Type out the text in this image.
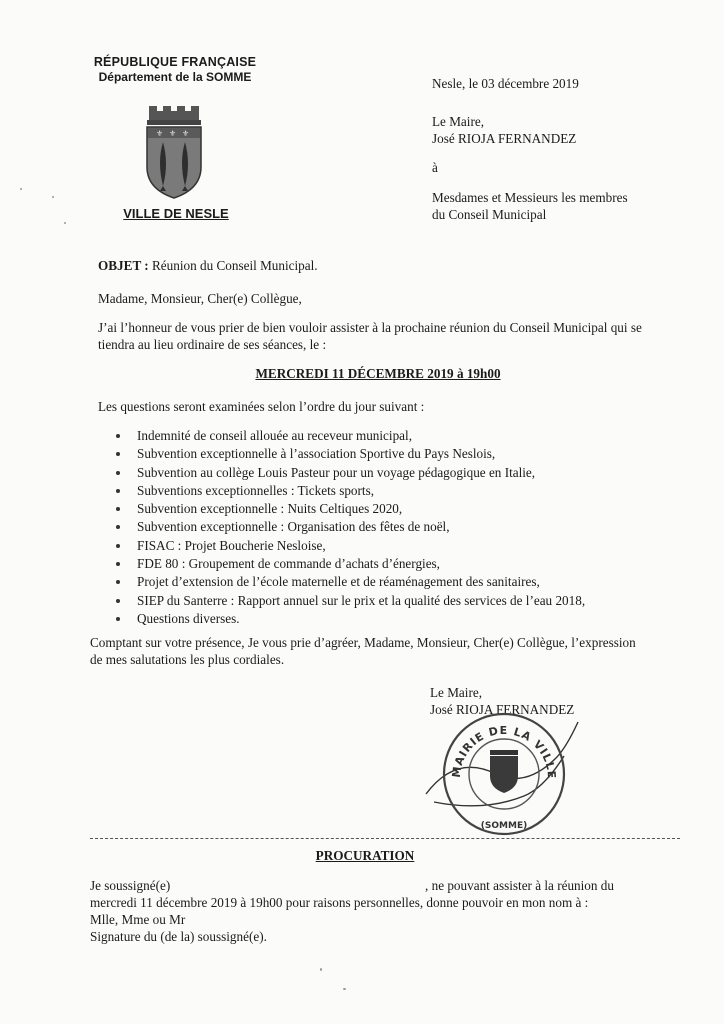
RÉPUBLIQUE FRANÇAISE
Département de la SOMME
⚜ ⚜ ⚜
VILLE DE NESLE
Nesle, le 03 décembre 2019
Le Maire,
José RIOJA FERNANDEZ
à
Mesdames et Messieurs les membres
du Conseil Municipal
OBJET : Réunion du Conseil Municipal.
Madame, Monsieur, Cher(e) Collègue,
J’ai l’honneur de vous prier de bien vouloir assister à la prochaine réunion du Conseil Municipal qui se
tiendra au lieu ordinaire de ses séances, le :
MERCREDI 11 DÉCEMBRE 2019 à 19h00
Les questions seront examinées selon l’ordre du jour suivant :
Indemnité de conseil allouée au receveur municipal,
Subvention exceptionnelle à l’association Sportive du Pays Neslois,
Subvention au collège Louis Pasteur pour un voyage pédagogique en Italie,
Subventions exceptionnelles : Tickets sports,
Subvention exceptionnelle : Nuits Celtiques 2020,
Subvention exceptionnelle : Organisation des fêtes de noël,
FISAC : Projet Boucherie Nesloise,
FDE 80 : Groupement de commande d’achats d’énergies,
Projet d’extension de l’école maternelle et de réaménagement des sanitaires,
SIEP du Santerre : Rapport annuel sur le prix et la qualité des services de l’eau 2018,
Questions diverses.
Comptant sur votre présence, Je vous prie d’agréer, Madame, Monsieur, Cher(e) Collègue, l’expression
de mes salutations les plus cordiales.
Le Maire,
José RIOJA FERNANDEZ
MAIRIE DE LA VILLE
(SOMME)
PROCURATION
Je soussigné(e)	, ne pouvant assister à la réunion du
mercredi 11 décembre 2019 à 19h00 pour raisons personnelles, donne pouvoir en mon nom à :
Mlle, Mme ou Mr
Signature du (de la) soussigné(e).
